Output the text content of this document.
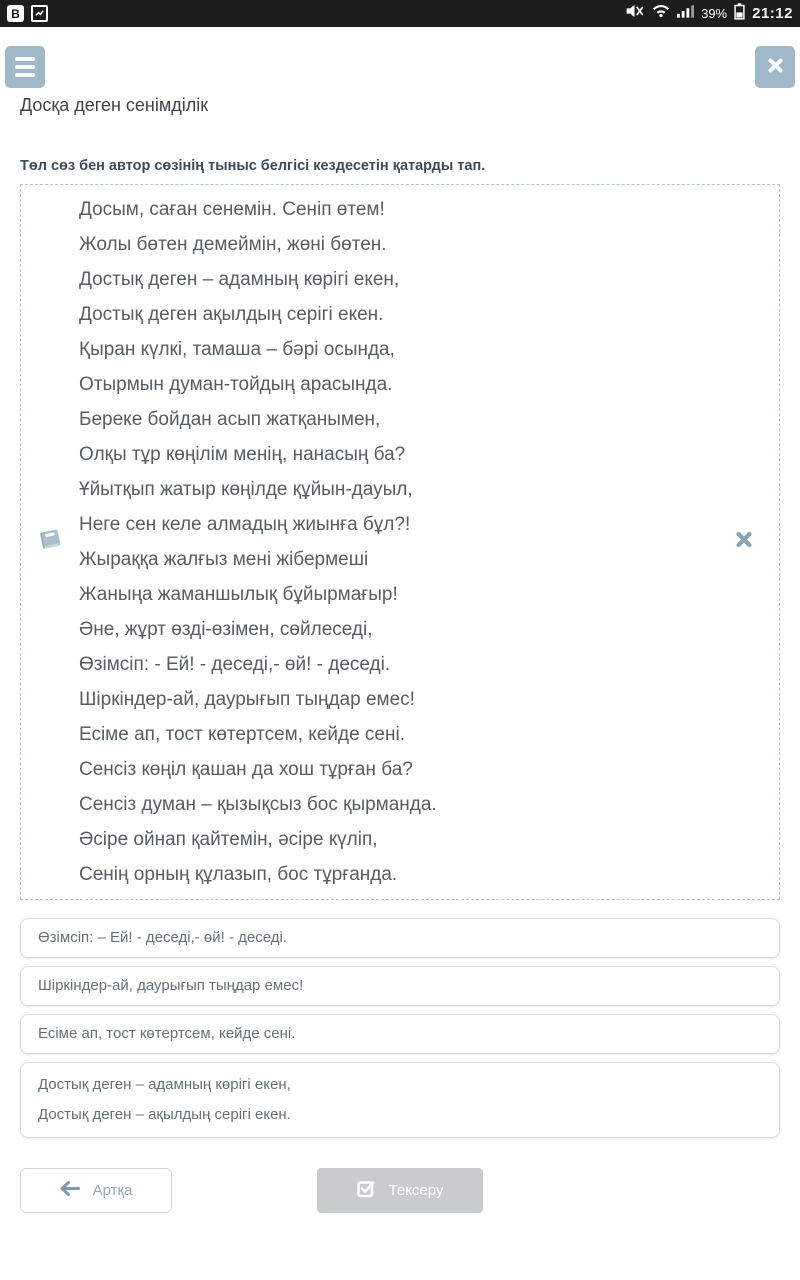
B	39% 21:12
Досқа деген сенімділік
Төл сөз бен автор сөзінің тыныс белгісі кездесетін қатарды тап.
Досым, саған сенемін. Сеніп өтем!
Жолы бөтен демеймін, жөні бөтен.
Достық деген – адамның көрігі екен,
Достық деген ақылдың серігі екен.
Қыран күлкі, тамаша – бәрі осында,
Отырмын думан-тойдың арасында.
Береке бойдан асып жатқанымен,
Олқы тұр көңілім менің, нанасың ба?
Ұйытқып жатыр көңілде құйын-дауыл,
Неге сен келе алмадың жиынға бұл?!
Жыраққа жалғыз мені жібермеші
Жаныңа жаманшылық бұйырмағыр!
Әне, жұрт өзді-өзімен, сөйлеседі,
Өзімсіп: - Ей! - деседі,- өй! - деседі.
Шіркіндер-ай, даурығып тыңдар емес!
Есіме ап, тост көтертсем, кейде сені.
Сенсіз көңіл қашан да хош тұрған ба?
Сенсіз думан – қызықсыз бос қырманда.
Әсіре ойнап қайтемін, әсіре күліп,
Сенің орның құлазып, бос тұрғанда.
Өзімсіп: – Ей! - деседі,- өй! - деседі.
Шіркіндер-ай, даурығып тыңдар емес!
Есіме ап, тост көтертсем, кейде сені.
Достық деген – адамның көрігі екен,
Достық деген – ақылдың серігі екен.
Артқа	Тексеру
